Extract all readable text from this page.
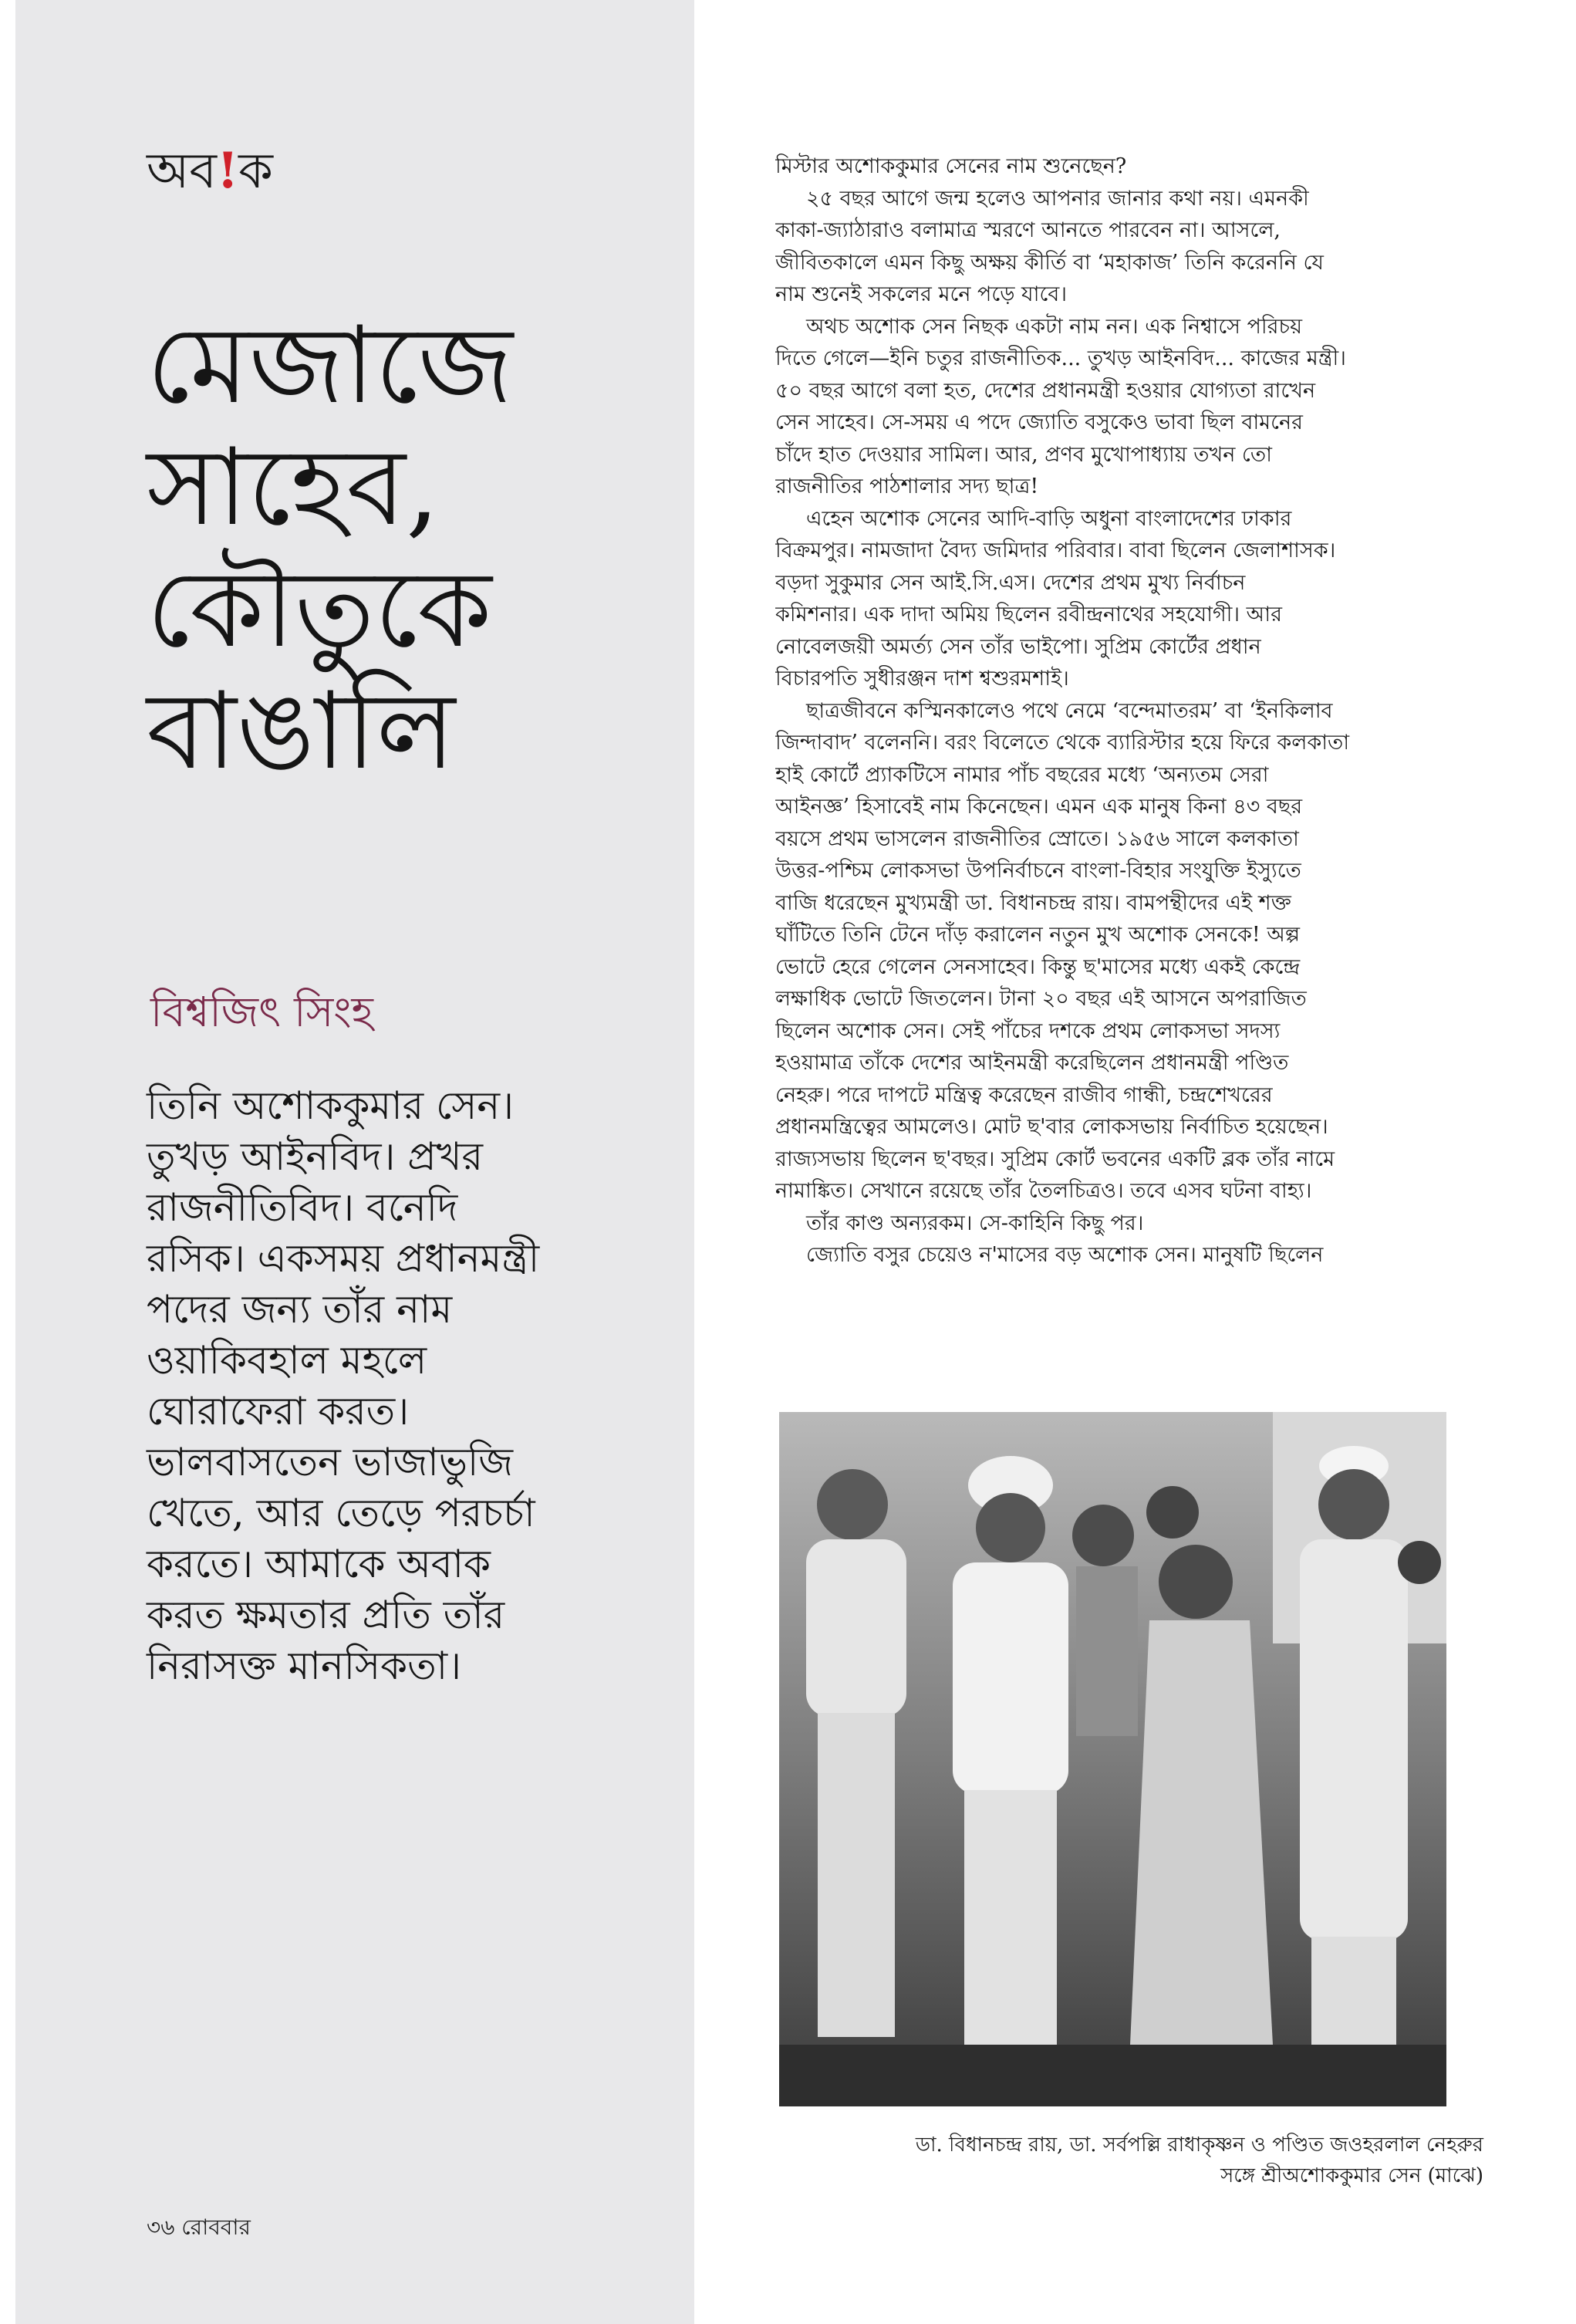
অব!ক
মেজাজে
সাহেব,
কৌতুকে
বাঙালি
বিশ্বজিৎ সিংহ

তিনি অশোককুমার সেন।
তুখড় আইনবিদ। প্রখর
রাজনীতিবিদ। বনেদি
রসিক। একসময় প্রধানমন্ত্রী
পদের জন্য তাঁর নাম
ওয়াকিবহাল মহলে
ঘোরাফেরা করত।
ভালবাসতেন ভাজাভুজি
খেতে, আর তেড়ে পরচর্চা
করতে। আমাকে অবাক
করত ক্ষমতার প্রতি তাঁর
নিরাসক্ত মানসিকতা।

৩৬ রোববার
মিস্টার অশোককুমার সেনের নাম শুনেছেন?
২৫ বছর আগে জন্ম হলেও আপনার জানার কথা নয়। এমনকী
কাকা-জ্যাঠারাও বলামাত্র স্মরণে আনতে পারবেন না। আসলে,
জীবিতকালে এমন কিছু অক্ষয় কীর্তি বা ‘মহাকাজ’ তিনি করেননি যে
নাম শুনেই সকলের মনে পড়ে যাবে।
অথচ অশোক সেন নিছক একটা নাম নন। এক নিশ্বাসে পরিচয়
দিতে গেলে—ইনি চতুর রাজনীতিক... তুখড় আইনবিদ... কাজের মন্ত্রী।
৫০ বছর আগে বলা হত, দেশের প্রধানমন্ত্রী হওয়ার যোগ্যতা রাখেন
সেন সাহেব। সে-সময় এ পদে জ্যোতি বসুকেও ভাবা ছিল বামনের
চাঁদে হাত দেওয়ার সামিল। আর, প্রণব মুখোপাধ্যায় তখন তো
রাজনীতির পাঠশালার সদ্য ছাত্র!
এহেন অশোক সেনের আদি-বাড়ি অধুনা বাংলাদেশের ঢাকার
বিক্রমপুর। নামজাদা বৈদ্য জমিদার পরিবার। বাবা ছিলেন জেলাশাসক।
বড়দা সুকুমার সেন আই.সি.এস। দেশের প্রথম মুখ্য নির্বাচন
কমিশনার। এক দাদা অমিয় ছিলেন রবীন্দ্রনাথের সহযোগী। আর
নোবেলজয়ী অমর্ত্য সেন তাঁর ভাইপো। সুপ্রিম কোর্টের প্রধান
বিচারপতি সুধীরঞ্জন দাশ শ্বশুরমশাই।
ছাত্রজীবনে কস্মিনকালেও পথে নেমে ‘বন্দেমাতরম’ বা ‘ইনকিলাব
জিন্দাবাদ’ বলেননি। বরং বিলেতে থেকে ব্যারিস্টার হয়ে ফিরে কলকাতা
হাই কোর্টে প্র্যাকটিসে নামার পাঁচ বছরের মধ্যে ‘অন্যতম সেরা
আইনজ্ঞ’ হিসাবেই নাম কিনেছেন। এমন এক মানুষ কিনা ৪৩ বছর
বয়সে প্রথম ভাসলেন রাজনীতির স্রোতে। ১৯৫৬ সালে কলকাতা
উত্তর-পশ্চিম লোকসভা উপনির্বাচনে বাংলা-বিহার সংযুক্তি ইস্যুতে
বাজি ধরেছেন মুখ্যমন্ত্রী ডা. বিধানচন্দ্র রায়। বামপন্থীদের এই শক্ত
ঘাঁটিতে তিনি টেনে দাঁড় করালেন নতুন মুখ অশোক সেনকে! অল্প
ভোটে হেরে গেলেন সেনসাহেব। কিন্তু ছ'মাসের মধ্যে একই কেন্দ্রে
লক্ষাধিক ভোটে জিতলেন। টানা ২০ বছর এই আসনে অপরাজিত
ছিলেন অশোক সেন। সেই পাঁচের দশকে প্রথম লোকসভা সদস্য
হওয়ামাত্র তাঁকে দেশের আইনমন্ত্রী করেছিলেন প্রধানমন্ত্রী পণ্ডিত
নেহরু। পরে দাপটে মন্ত্রিত্ব করেছেন রাজীব গান্ধী, চন্দ্রশেখরের
প্রধানমন্ত্রিত্বের আমলেও। মোট ছ'বার লোকসভায় নির্বাচিত হয়েছেন।
রাজ্যসভায় ছিলেন ছ'বছর। সুপ্রিম কোর্ট ভবনের একটি ব্লক তাঁর নামে
নামাঙ্কিত। সেখানে রয়েছে তাঁর তৈলচিত্রও। তবে এসব ঘটনা বাহ্য।
তাঁর কাণ্ড অন্যরকম। সে-কাহিনি কিছু পর।
জ্যোতি বসুর চেয়েও ন'মাসের বড় অশোক সেন। মানুষটি ছিলেন
ডা. বিধানচন্দ্র রায়, ডা. সর্বপল্লি রাধাকৃষ্ণন ও পণ্ডিত জওহরলাল নেহরুর
সঙ্গে শ্রীঅশোককুমার সেন (মাঝে)
